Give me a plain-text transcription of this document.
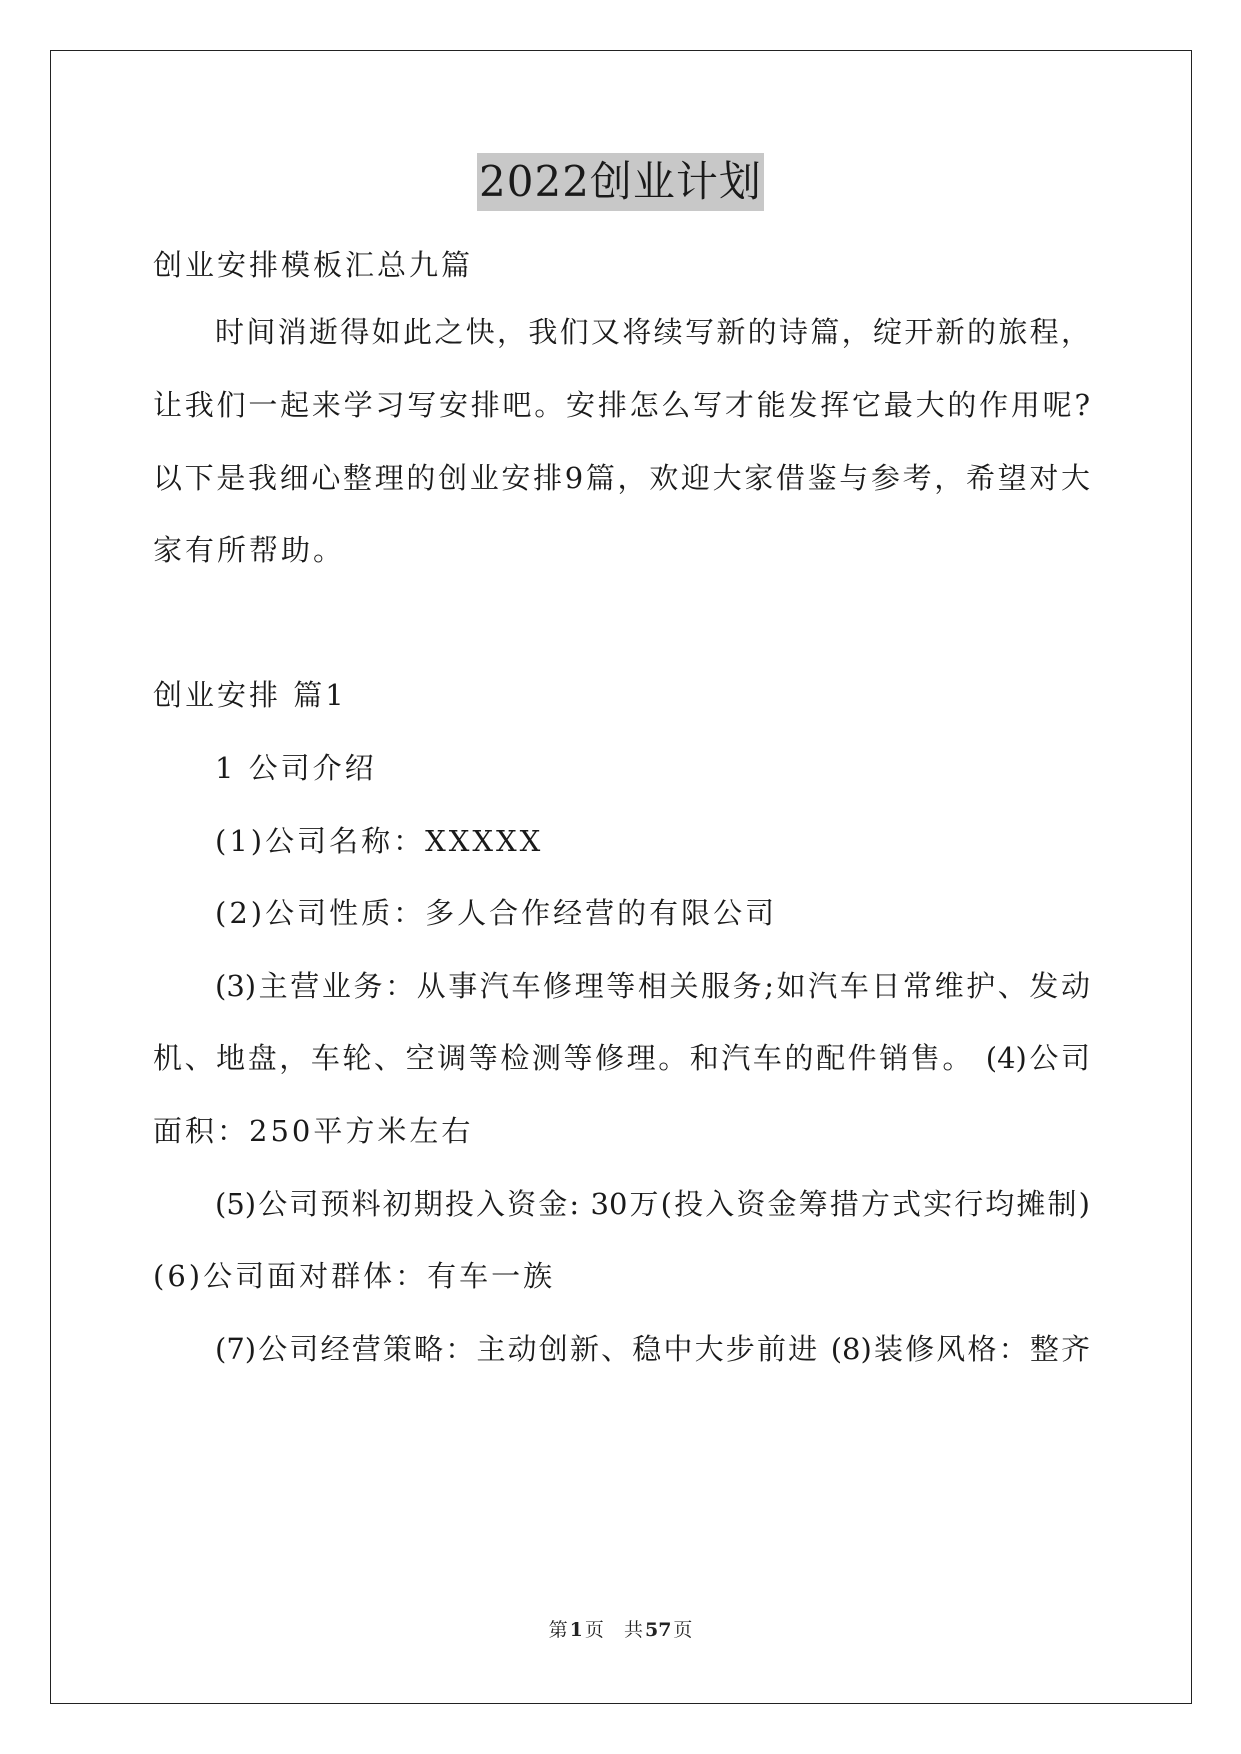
2022创业计划
创业安排模板汇总九篇
时间消逝得如此之快，我们又将续写新的诗篇，绽开新的旅程，
让我们一起来学习写安排吧。安排怎么写才能发挥它最大的作用呢?
以下是我细心整理的创业安排9篇，欢迎大家借鉴与参考，希望对大
家有所帮助。
创业安排 篇1
1 公司介绍
(1)公司名称：XXXXX
(2)公司性质：多人合作经营的有限公司
(3)主营业务：从事汽车修理等相关服务;如汽车日常维护、发动
机、地盘，车轮、空调等检测等修理。和汽车的配件销售。 (4)公司
面积：250平方米左右
(5)公司预料初期投入资金: 30万(投入资金筹措方式实行均摊制)
(6)公司面对群体：有车一族
(7)公司经营策略：主动创新、稳中大步前进 (8)装修风格：整齐
第 1 页 共 57 页
